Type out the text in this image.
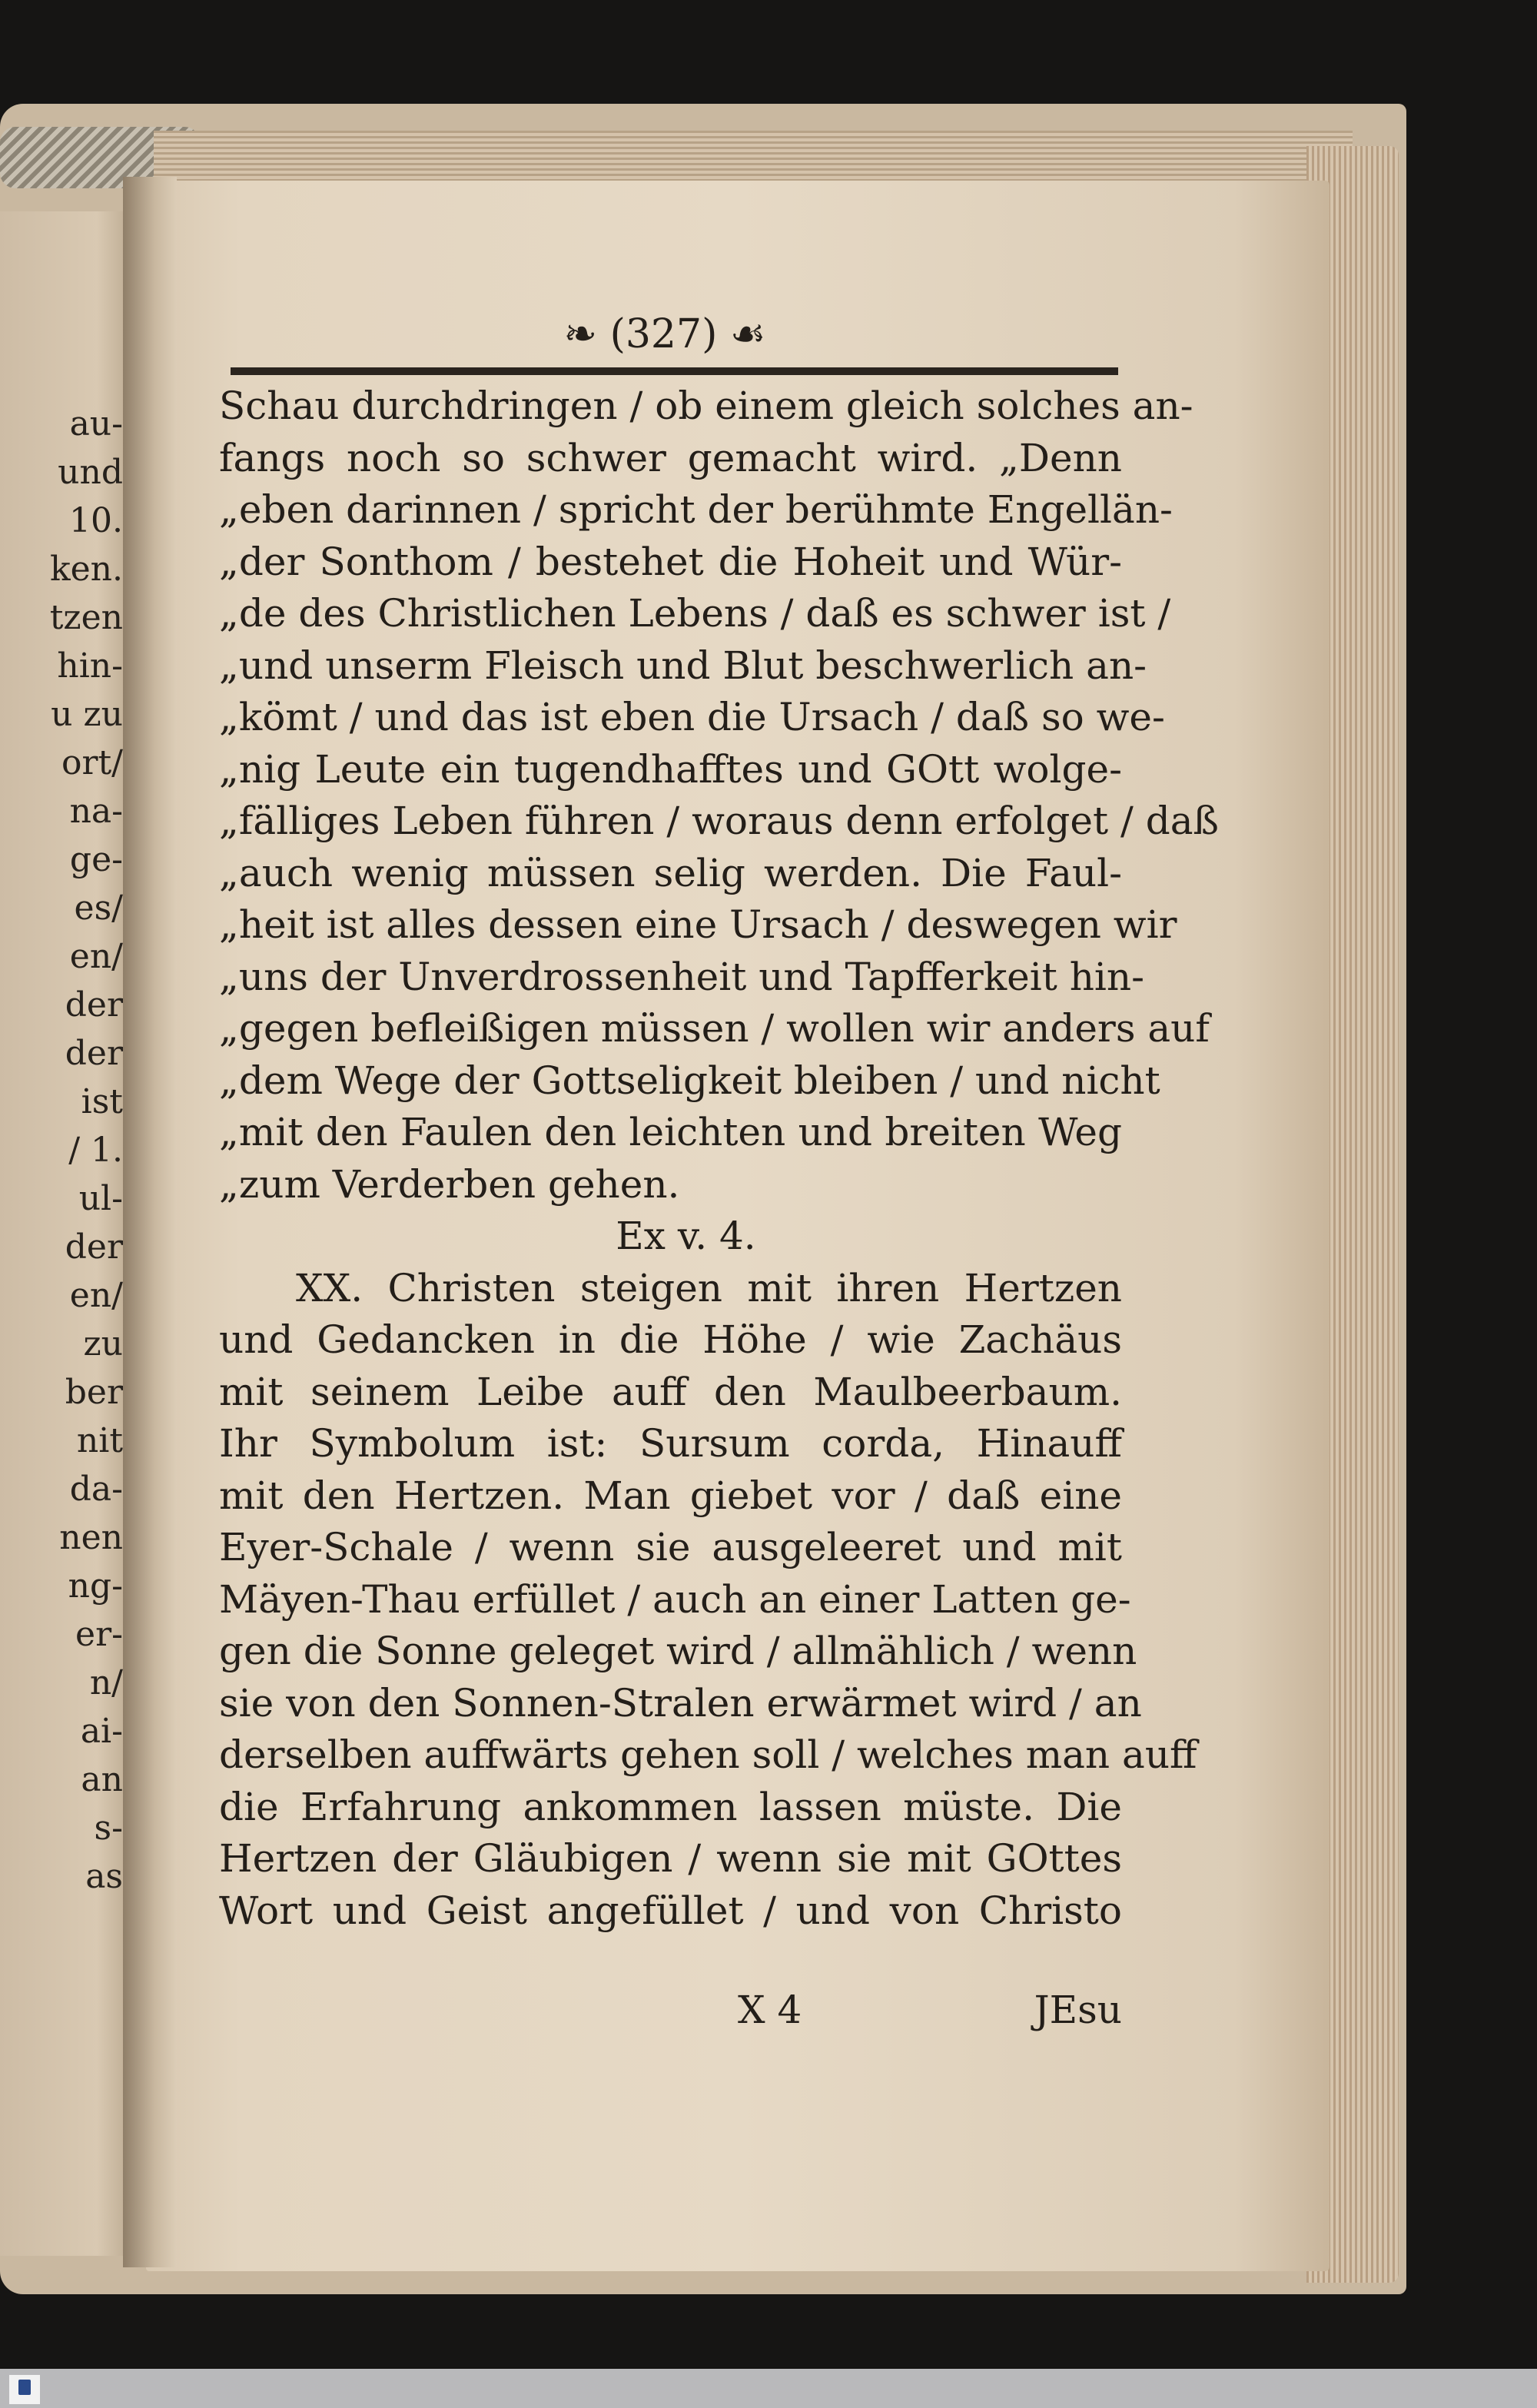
au-
und
10.
ken.
tzen
hin-
u zu
ort/
na-
ge-
es/
en/
der
der
ist
/ 1.
ul-
der
en/
zu
ber
nit
da-
nen
ng-
er-
n/
ai-
an
s-
as
❧ (327) ☙
Schau durchdringen / ob einem gleich solches an-
fangs noch so schwer gemacht wird. „Denn
„eben darinnen / spricht der berühmte Engellän-
„der Sonthom / bestehet die Hoheit und Wür-
„de des Christlichen Lebens / daß es schwer ist /
„und unserm Fleisch und Blut beschwerlich an-
„kömt / und das ist eben die Ursach / daß so we-
„nig Leute ein tugendhafftes und GOtt wolge-
„fälliges Leben führen / woraus denn erfolget / daß
„auch wenig müssen selig werden. Die Faul-
„heit ist alles dessen eine Ursach / deswegen wir
„uns der Unverdrossenheit und Tapfferkeit hin-
„gegen befleißigen müssen / wollen wir anders auf
„dem Wege der Gottseligkeit bleiben / und nicht
„mit den Faulen den leichten und breiten Weg
„zum Verderben gehen.
Ex v. 4.
XX. Christen steigen mit ihren Hertzen
und Gedancken in die Höhe / wie Zachäus
mit seinem Leibe auff den Maulbeerbaum.
Ihr Symbolum ist: Sursum corda, Hinauff
mit den Hertzen. Man giebet vor / daß eine
Eyer-Schale / wenn sie ausgeleeret und mit
Mäyen-Thau erfüllet / auch an einer Latten ge-
gen die Sonne geleget wird / allmählich / wenn
sie von den Sonnen-Stralen erwärmet wird / an
derselben auffwärts gehen soll / welches man auff
die Erfahrung ankommen lassen müste. Die
Hertzen der Gläubigen / wenn sie mit GOttes
Wort und Geist angefüllet / und von Christo
X 4	JEsu
